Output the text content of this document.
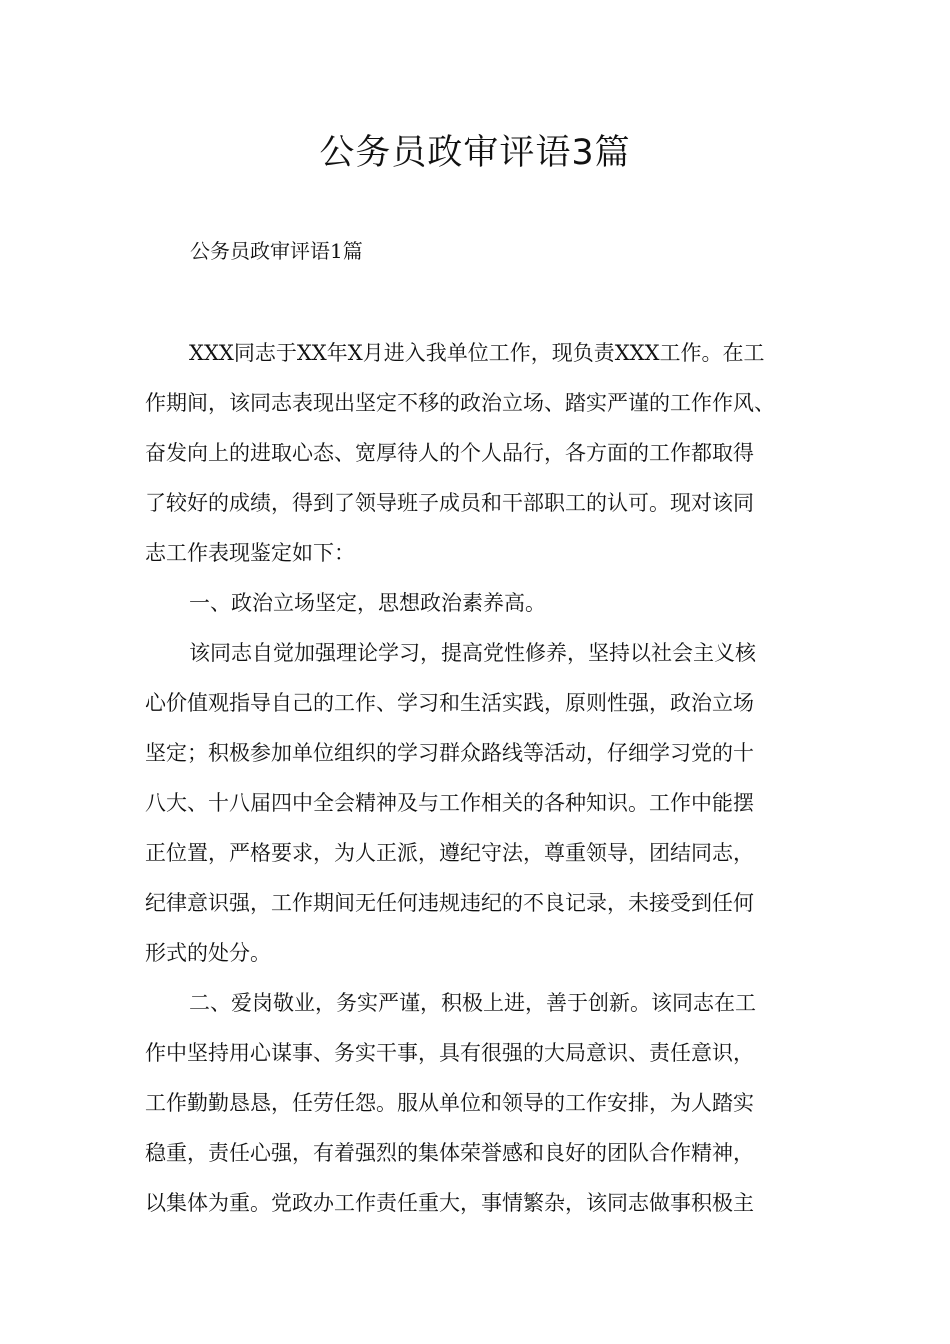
公务员政审评语3篇

公务员政审评语1篇

XXX同志于XX年X月进入我单位工作，现负责XXX工作。在工

作期间，该同志表现出坚定不移的政治立场、踏实严谨的工作作风、

奋发向上的进取心态、宽厚待人的个人品行，各方面的工作都取得

了较好的成绩，得到了领导班子成员和干部职工的认可。现对该同

志工作表现鉴定如下：

一、政治立场坚定，思想政治素养高。

该同志自觉加强理论学习，提高党性修养，坚持以社会主义核

心价值观指导自己的工作、学习和生活实践，原则性强，政治立场

坚定；积极参加单位组织的学习群众路线等活动，仔细学习党的十

八大、十八届四中全会精神及与工作相关的各种知识。工作中能摆

正位置，严格要求，为人正派，遵纪守法，尊重领导，团结同志，

纪律意识强，工作期间无任何违规违纪的不良记录，未接受到任何

形式的处分。

二、爱岗敬业，务实严谨，积极上进，善于创新。该同志在工

作中坚持用心谋事、务实干事，具有很强的大局意识、责任意识，

工作勤勤恳恳，任劳任怨。服从单位和领导的工作安排，为人踏实

稳重，责任心强，有着强烈的集体荣誉感和良好的团队合作精神，

以集体为重。党政办工作责任重大，事情繁杂，该同志做事积极主
